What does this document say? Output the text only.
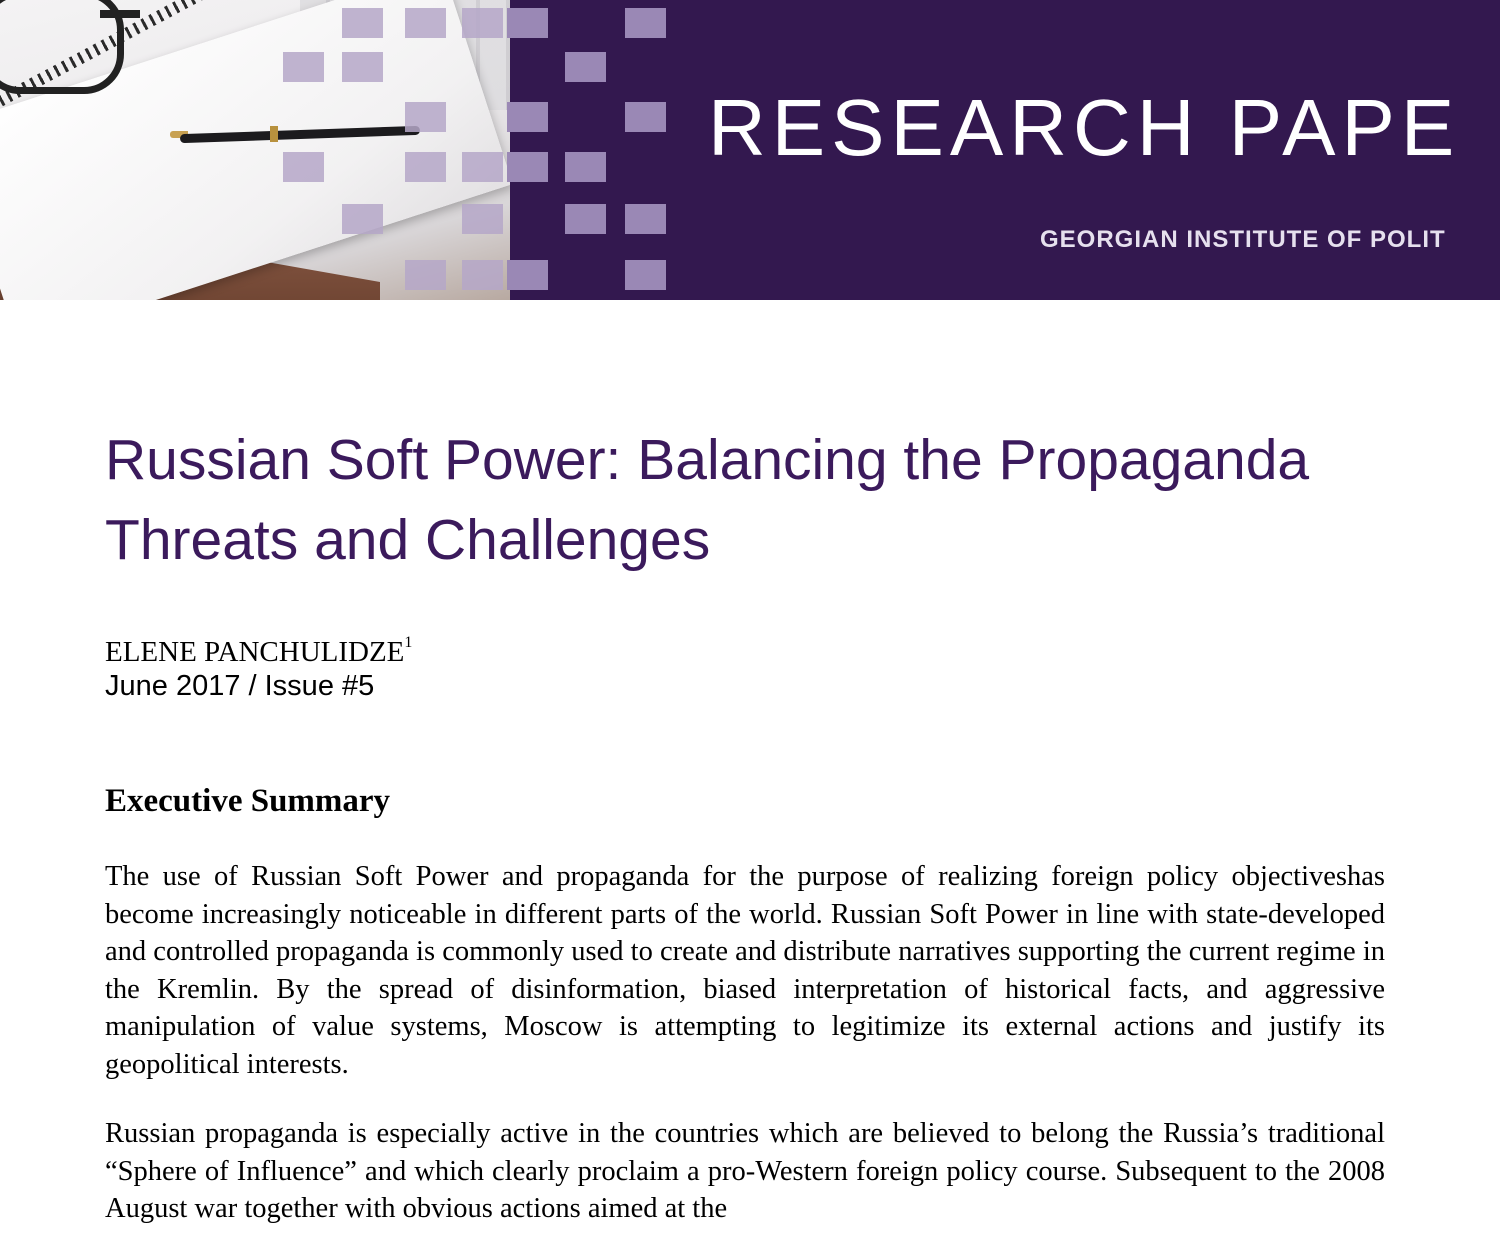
RESEARCH PAPE
GEORGIAN INSTITUTE OF POLIT
Russian Soft Power: Balancing the Propaganda Threats and Challenges
ELENE PANCHULIDZE$^1$
June 2017 / Issue #5
Executive Summary

The use of Russian Soft Power and propaganda for the purpose of realizing foreign policy objectiveshas become increasingly noticeable in different parts of the world. Russian Soft Power in line with state-developed and controlled propaganda is commonly used to create and distribute narratives supporting the current regime in the Kremlin. By the spread of disinformation, biased interpretation of historical facts, and aggressive manipulation of value systems, Moscow is attempting to legitimize its external actions and justify its geopolitical interests.

Russian propaganda is especially active in the countries which are believed to belong the Russia’s traditional “Sphere of Influence” and which clearly proclaim a pro-Western foreign policy course. Subsequent to the 2008 August war together with obvious actions aimed at the
